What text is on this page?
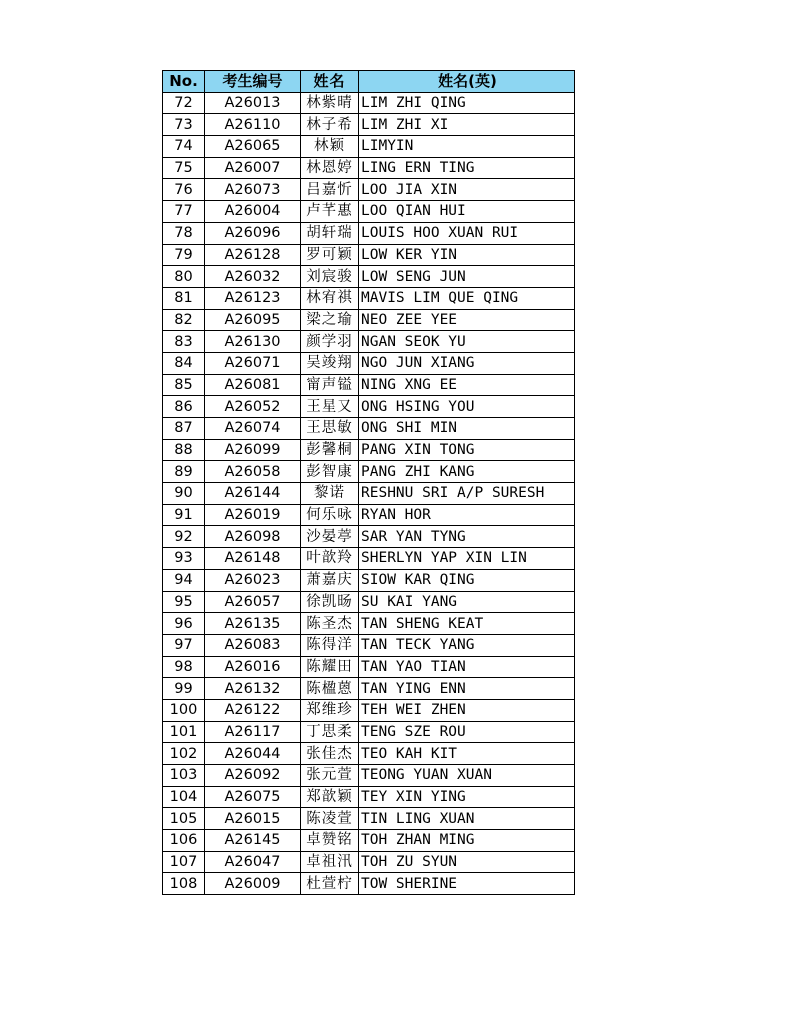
No.	考生编号	姓名	姓名(英)
72	A26013	林紫晴	LIM ZHI QING
73	A26110	林子希	LIM ZHI XI
74	A26065	林颖	LIMYIN
75	A26007	林恩婷	LING ERN TING
76	A26073	吕嘉忻	LOO JIA XIN
77	A26004	卢芊惠	LOO QIAN HUI
78	A26096	胡轩瑞	LOUIS HOO XUAN RUI
79	A26128	罗可颖	LOW KER YIN
80	A26032	刘宸骏	LOW SENG JUN
81	A26123	林宥祺	MAVIS LIM QUE QING
82	A26095	梁之瑜	NEO ZEE YEE
83	A26130	颜学羽	NGAN SEOK YU
84	A26071	吴竣翔	NGO JUN XIANG
85	A26081	甯声镒	NING XNG EE
86	A26052	王星又	ONG HSING YOU
87	A26074	王思敏	ONG SHI MIN
88	A26099	彭馨桐	PANG XIN TONG
89	A26058	彭智康	PANG ZHI KANG
90	A26144	黎诺	RESHNU SRI A/P SURESH
91	A26019	何乐咏	RYAN HOR
92	A26098	沙晏葶	SAR YAN TYNG
93	A26148	叶歆羚	SHERLYN YAP XIN LIN
94	A26023	萧嘉庆	SIOW KAR QING
95	A26057	徐凯旸	SU KAI YANG
96	A26135	陈圣杰	TAN SHENG KEAT
97	A26083	陈得洋	TAN TECK YANG
98	A26016	陈耀田	TAN YAO TIAN
99	A26132	陈楹蒽	TAN YING ENN
100	A26122	郑维珍	TEH WEI ZHEN
101	A26117	丁思柔	TENG SZE ROU
102	A26044	张佳杰	TEO KAH KIT
103	A26092	张元萱	TEONG YUAN XUAN
104	A26075	郑歆颖	TEY XIN YING
105	A26015	陈凌萱	TIN LING XUAN
106	A26145	卓赞铭	TOH ZHAN MING
107	A26047	卓祖汛	TOH ZU SYUN
108	A26009	杜萱柠	TOW SHERINE
